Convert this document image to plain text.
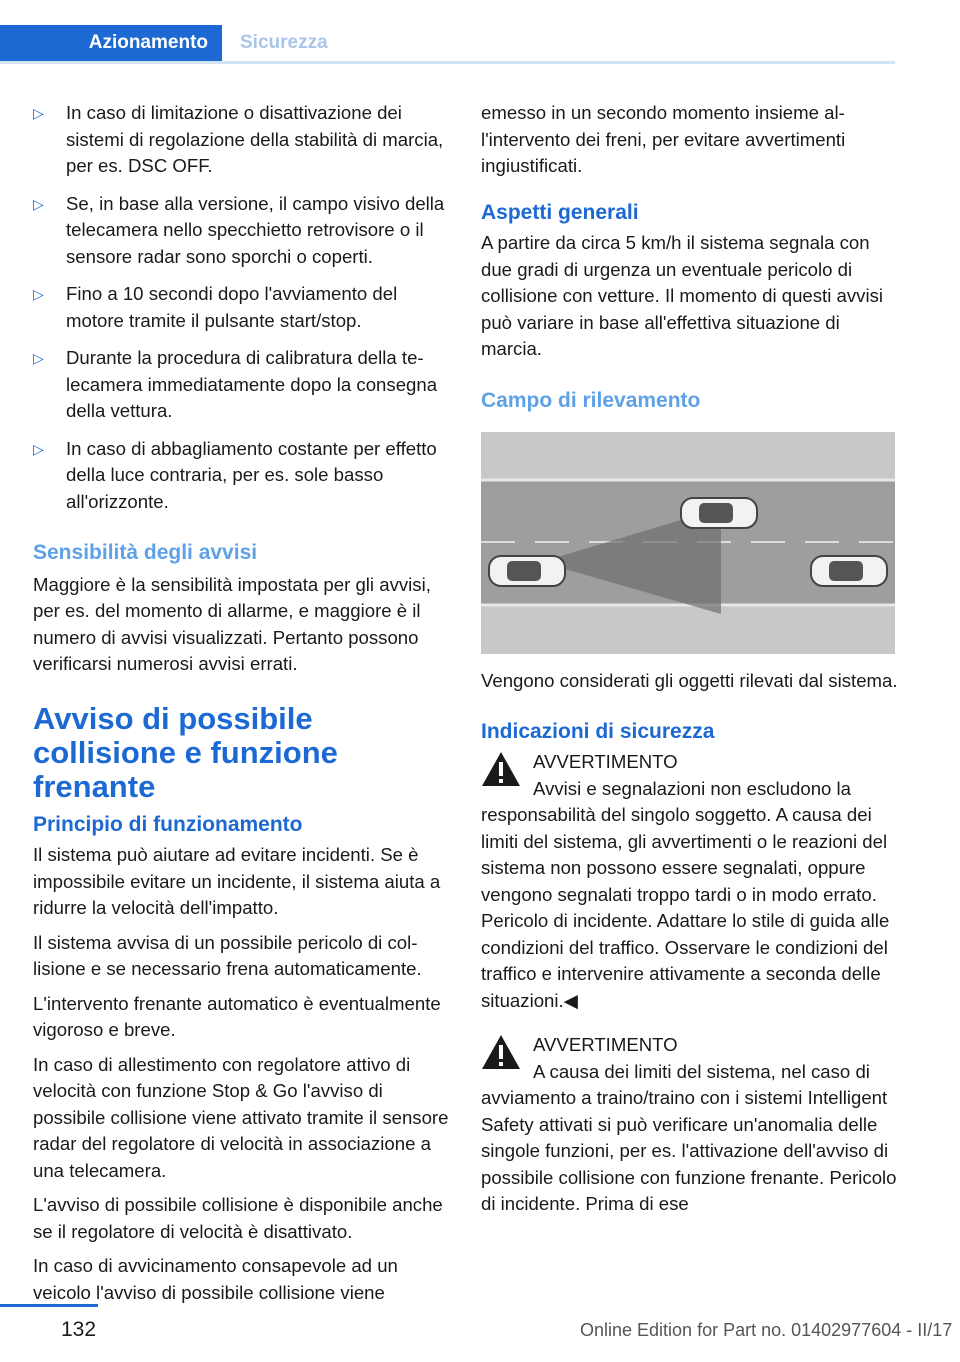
Azionamento Sicurezza
▷ In caso di limitazione o disattivazione dei sistemi di regolazione della stabilità di marcia, per es. DSC OFF.
▷ Se, in base alla versione, il campo visivo della telecamera nello specchietto retrovisore o il sensore radar sono sporchi o coperti.
▷ Fino a 10 secondi dopo l'avviamento del motore tramite il pulsante start/stop.
▷ Durante la procedura di calibratura della telecamera immediatamente dopo la consegna della vettura.
▷ In caso di abbagliamento costante per effetto della luce contraria, per es. sole basso all'orizzonte.
Sensibilità degli avvisi

Maggiore è la sensibilità impostata per gli avvisi, per es. del momento di allarme, e maggiore è il numero di avvisi visualizzati. Pertanto possono verificarsi numerosi avvisi errati.

Avviso di possibile collisione e funzione frenante
Principio di funzionamento

Il sistema può aiutare ad evitare incidenti. Se è impossibile evitare un incidente, il sistema aiuta a ridurre la velocità dell'impatto.

Il sistema avvisa di un possibile pericolo di collisione e se necessario frena automaticamente.

L'intervento frenante automatico è eventualmente vigoroso e breve.

In caso di allestimento con regolatore attivo di velocità con funzione Stop & Go l'avviso di possibile collisione viene attivato tramite il sensore radar del regolatore di velocità in associazione a una telecamera.

L'avviso di possibile collisione è disponibile anche se il regolatore di velocità è disattivato.

In caso di avvicinamento consapevole ad un veicolo l'avviso di possibile collisione viene

emesso in un secondo momento insieme all'intervento dei freni, per evitare avvertimenti ingiustificati.

Aspetti generali

A partire da circa 5 km/h il sistema segnala con due gradi di urgenza un eventuale pericolo di collisione con vetture. Il momento di questi avvisi può variare in base all'effettiva situazione di marcia.

Campo di rilevamento

Vengono considerati gli oggetti rilevati dal sistema.

Indicazioni di sicurezza

AVVERTIMENTO

Avvisi e segnalazioni non escludono la

responsabilità del singolo soggetto. A causa dei limiti del sistema, gli avvertimenti o le reazioni del sistema non possono essere segnalati, oppure vengono segnalati troppo tardi o in modo errato. Pericolo di incidente. Adattare lo stile di guida alle condizioni del traffico. Osservare le condizioni del traffico e intervenire attivamente a seconda delle situazioni.◀

AVVERTIMENTO

A causa dei limiti del sistema, nel caso di

avviamento a traino/traino con i sistemi Intelligent Safety attivati si può verificare un'anomalia delle singole funzioni, per es. l'attivazione dell'avviso di possibile collisione con funzione frenante. Pericolo di incidente. Prima di ese

132	Online Edition for Part no. 01402977604 - II/17
